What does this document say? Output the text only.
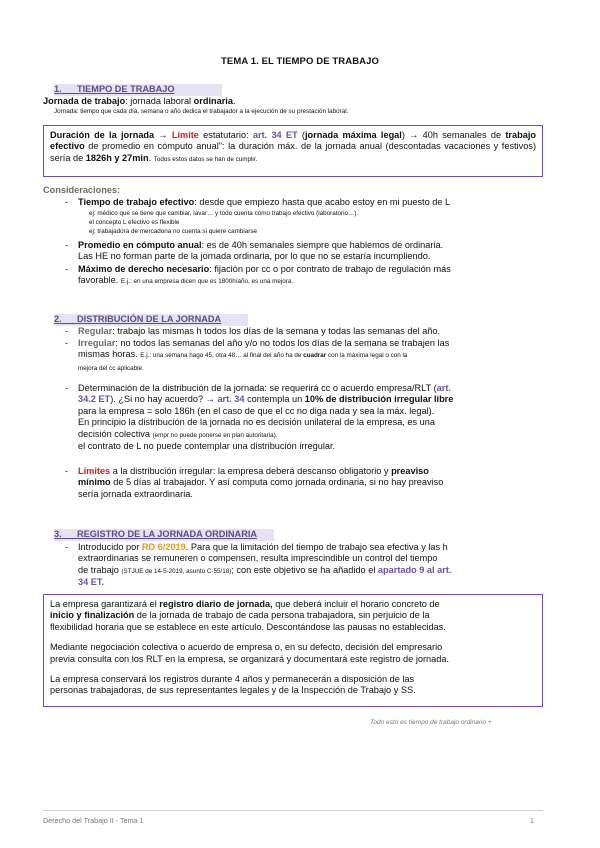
TEMA 1. EL TIEMPO DE TRABAJO
1. TIEMPO DE TRABAJO
Jornada de trabajo: jornada laboral ordinaria.
Jornada: tiempo que cada día, semana o año dedica el trabajador a la ejecución de su prestación laboral.
Duración de la jornada → Límite estatutario: art. 34 ET (jornada máxima legal) → 40h semanales de trabajo efectivo de promedio en cómputo anual": la duración máx. de la jornada anual (descontadas vacaciones y festivos) sería de 1826h y 27min. Todos estos datos se han de cumplir.
Consideraciones:
- Tiempo de trabajo efectivo: desde que empiezo hasta que acabo estoy en mi puesto de L
ej: médico que se tiene que cambiar, lavar… y todo cuenta como trabajo efectivo (laboratorio…).
el concepto L efectivo es flexible
ej: trabajadora de mercadona no cuenta si quiere cambiarse
- Promedio en cómputo anual: es de 40h semanales siempre que hablemos de ordinaria.
Las HE no forman parte de la jornada ordinaria, por lo que no se estaría incumpliendo.
- Máximo de derecho necesario: fijación por cc o por contrato de trabajo de regulación más
favorable. E.j.: en una empresa dicen que es 1800h/año, es una mejora.
2. DISTRIBUCIÓN DE LA JORNADA
- Regular: trabajo las mismas h todos los días de la semana y todas las semanas del año.
- Irregular: no todos las semanas del año y/o no todos los días de la semana se trabajen las
mismas horas. E.j.: una semana hago 45, otra 48… al final del año ha de cuadrar con la máxima legal o con la
mejora del cc aplicable.
- Determinación de la distribución de la jornada: se requerirá cc o acuerdo empresa/RLT (art.
34.2 ET). ¿Si no hay acuerdo? → art. 34 contempla un 10% de distribución irregular libre
para la empresa = solo 186h (en el caso de que el cc no diga nada y sea la máx. legal).
En principio la distribución de la jornada no es decisión unilateral de la empresa, es una
decisión colectiva (empr no puede ponerse en plan autoritaria).
el contrato de L no puede contemplar una distribución irregular.
- Límites a la distribución irregular: la empresa deberá descanso obligatorio y preaviso
mínimo de 5 días al trabajador. Y así computa como jornada ordinaria, si no hay preaviso
sería jornada extraordinaria.
3. REGISTRO DE LA JORNADA ORDINARIA
- Introducido por RD 6/2019. Para que la limitación del tiempo de trabajo sea efectiva y las h
extraordinarias se remuneren o compensen, resulta imprescindible un control del tiempo
de trabajo (STJUE de 14-5-2019, asunto C-55/18); con este objetivo se ha añadido el apartado 9 al art.
34 ET.
La empresa garantizará el registro diario de jornada, que deberá incluir el horario concreto de
inicio y finalización de la jornada de trabajo de cada persona trabajadora, sin perjuicio de la
flexibilidad horaria que se establece en este artículo. Descontándose las pausas no establecidas.
Mediante negociación colectiva o acuerdo de empresa o, en su defecto, decisión del empresario
previa consulta con los RLT en la empresa, se organizará y documentará este registro de jornada.
La empresa conservará los registros durante 4 años y permanecerán a disposición de las
personas trabajadoras, de sus representantes legales y de la Inspección de Trabajo y SS.
Todo esto es tiempo de trabajo ordinario +
Derecho del Trabajo II - Tema 1	1
